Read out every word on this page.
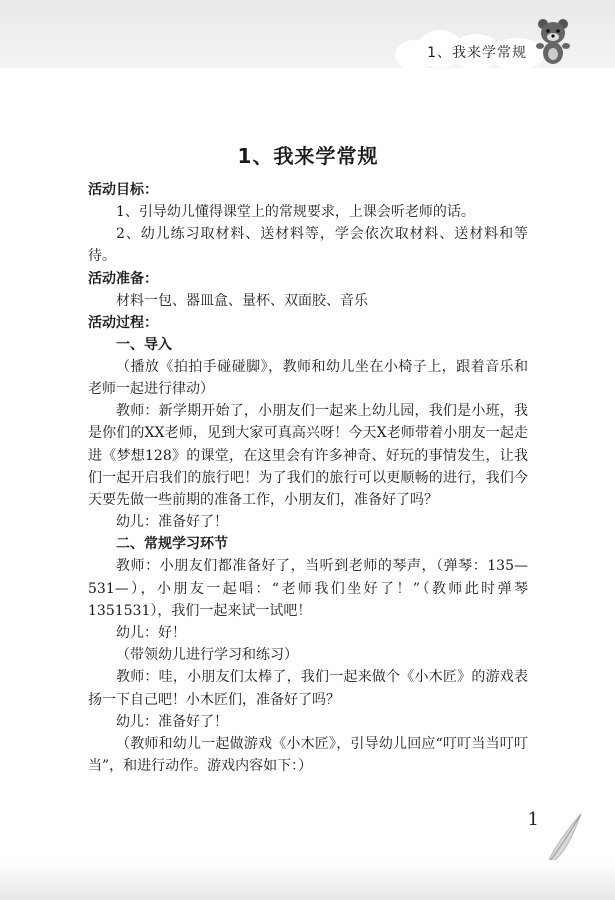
1、我来学常规
1、我来学常规

活动目标：

1、引导幼儿懂得课堂上的常规要求，上课会听老师的话。

2、幼儿练习取材料、送材料等，学会依次取材料、送材料和等待。

活动准备：

材料一包、器皿盒、量杯、双面胶、音乐

活动过程：

一、导入

（播放《拍拍手碰碰脚》，教师和幼儿坐在小椅子上，跟着音乐和老师一起进行律动）

教师：新学期开始了，小朋友们一起来上幼儿园，我们是小班，我是你们的XX老师，见到大家可真高兴呀！今天X老师带着小朋友一起走进《梦想128》的课堂，在这里会有许多神奇、好玩的事情发生，让我们一起开启我们的旅行吧！为了我们的旅行可以更顺畅的进行，我们今天要先做一些前期的准备工作，小朋友们，准备好了吗？

幼儿：准备好了！

二、常规学习环节

教师：小朋友们都准备好了，当听到老师的琴声，（弹琴：135—531—），小朋友一起唱：“老师我们坐好了！”（教师此时弹琴1351531），我们一起来试一试吧！

幼儿：好！

（带领幼儿进行学习和练习）

教师：哇，小朋友们太棒了，我们一起来做个《小木匠》的游戏表扬一下自己吧！小木匠们，准备好了吗？

幼儿：准备好了！

（教师和幼儿一起做游戏《小木匠》，引导幼儿回应“叮叮当当叮叮当”，和进行动作。游戏内容如下：）

1
